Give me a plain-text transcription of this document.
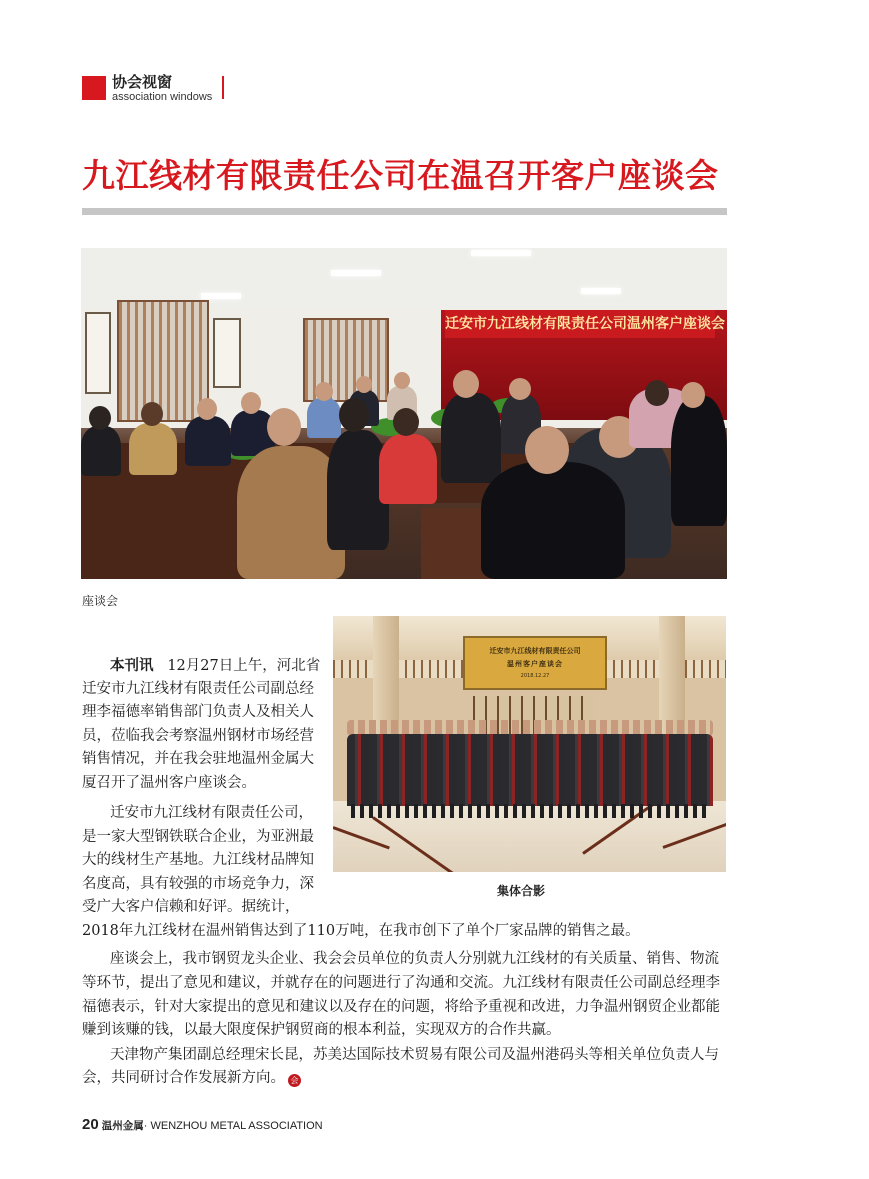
协会视窗
association windows
九江线材有限责任公司在温召开客户座谈会
迁安市九江线材有限责任公司温州客户座谈会
座谈会
迁安市九江线材有限责任公司
温州客户座谈会
2018.12.27
集体合影
本刊讯 12月27日上午，河北省
迁安市九江线材有限责任公司副总经
理李福德率销售部门负责人及相关人
员，莅临我会考察温州钢材市场经营
销售情况，并在我会驻地温州金属大
厦召开了温州客户座谈会。
迁安市九江线材有限责任公司，
是一家大型钢铁联合企业，为亚洲最
大的线材生产基地。九江线材品牌知
名度高，具有较强的市场竞争力，深
受广大客户信赖和好评。据统计，
2018年九江线材在温州销售达到了110万吨，在我市创下了单个厂家品牌的销售之最。
座谈会上，我市钢贸龙头企业、我会会员单位的负责人分别就九江线材的有关质量、销售、物流
等环节，提出了意见和建议，并就存在的问题进行了沟通和交流。九江线材有限责任公司副总经理李
福德表示，针对大家提出的意见和建议以及存在的问题，将给予重视和改进，力争温州钢贸企业都能
赚到该赚的钱，以最大限度保护钢贸商的根本利益，实现双方的合作共赢。
天津物产集团副总经理宋长昆，苏美达国际技术贸易有限公司及温州港码头等相关单位负责人与
会，共同研讨合作发展新方向。 会
20 温州金属· WENZHOU METAL ASSOCIATION
